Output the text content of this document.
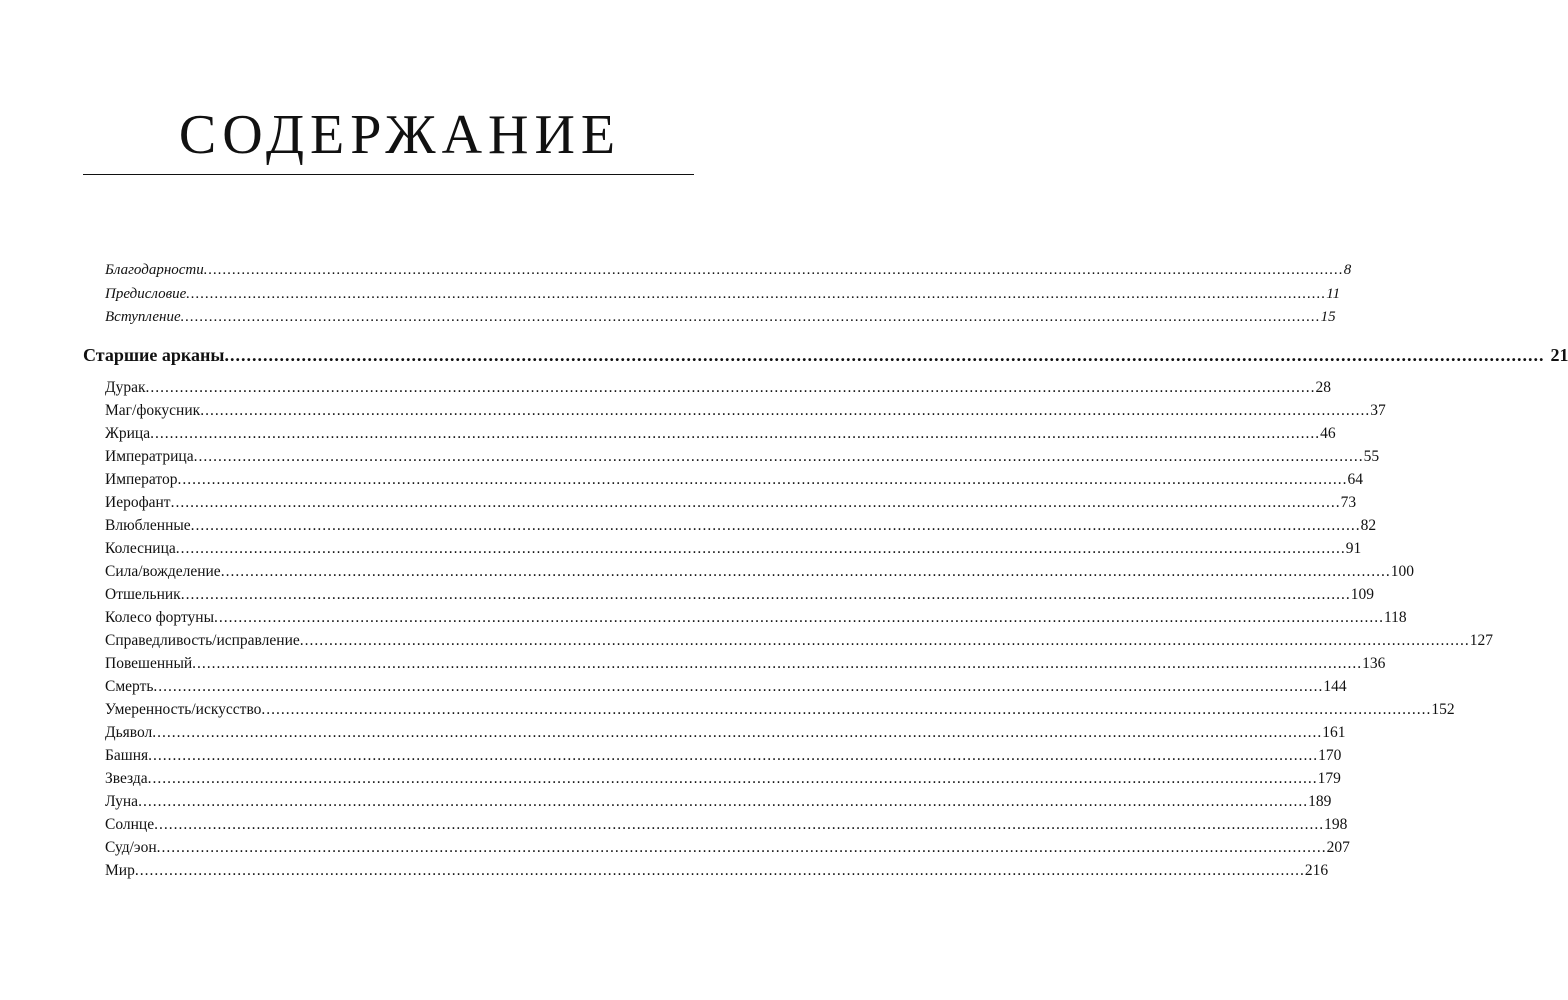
СОДЕРЖАНИЕ
Благодарности ................................................................................................................................................................................................................................................ 8
Предисловие ................................................................................................................................................................................................................................................ 11
Вступление ................................................................................................................................................................................................................................................ 15
Старшие арканы ................................................................................................................................................................................................................................................ 21
Дурак ................................................................................................................................................................................................................................................ 28
Маг/фокусник ................................................................................................................................................................................................................................................ 37
Жрица ................................................................................................................................................................................................................................................ 46
Императрица ................................................................................................................................................................................................................................................ 55
Император ................................................................................................................................................................................................................................................ 64
Иерофант ................................................................................................................................................................................................................................................ 73
Влюбленные ................................................................................................................................................................................................................................................ 82
Колесница ................................................................................................................................................................................................................................................ 91
Сила/вожделение ................................................................................................................................................................................................................................................ 100
Отшельник ................................................................................................................................................................................................................................................ 109
Колесо фортуны ................................................................................................................................................................................................................................................ 118
Справедливость/исправление ................................................................................................................................................................................................................................................ 127
Повешенный ................................................................................................................................................................................................................................................ 136
Смерть ................................................................................................................................................................................................................................................ 144
Умеренность/искусство ................................................................................................................................................................................................................................................ 152
Дьявол ................................................................................................................................................................................................................................................ 161
Башня ................................................................................................................................................................................................................................................ 170
Звезда ................................................................................................................................................................................................................................................ 179
Луна ................................................................................................................................................................................................................................................ 189
Солнце ................................................................................................................................................................................................................................................ 198
Суд/эон ................................................................................................................................................................................................................................................ 207
Мир ................................................................................................................................................................................................................................................ 216
